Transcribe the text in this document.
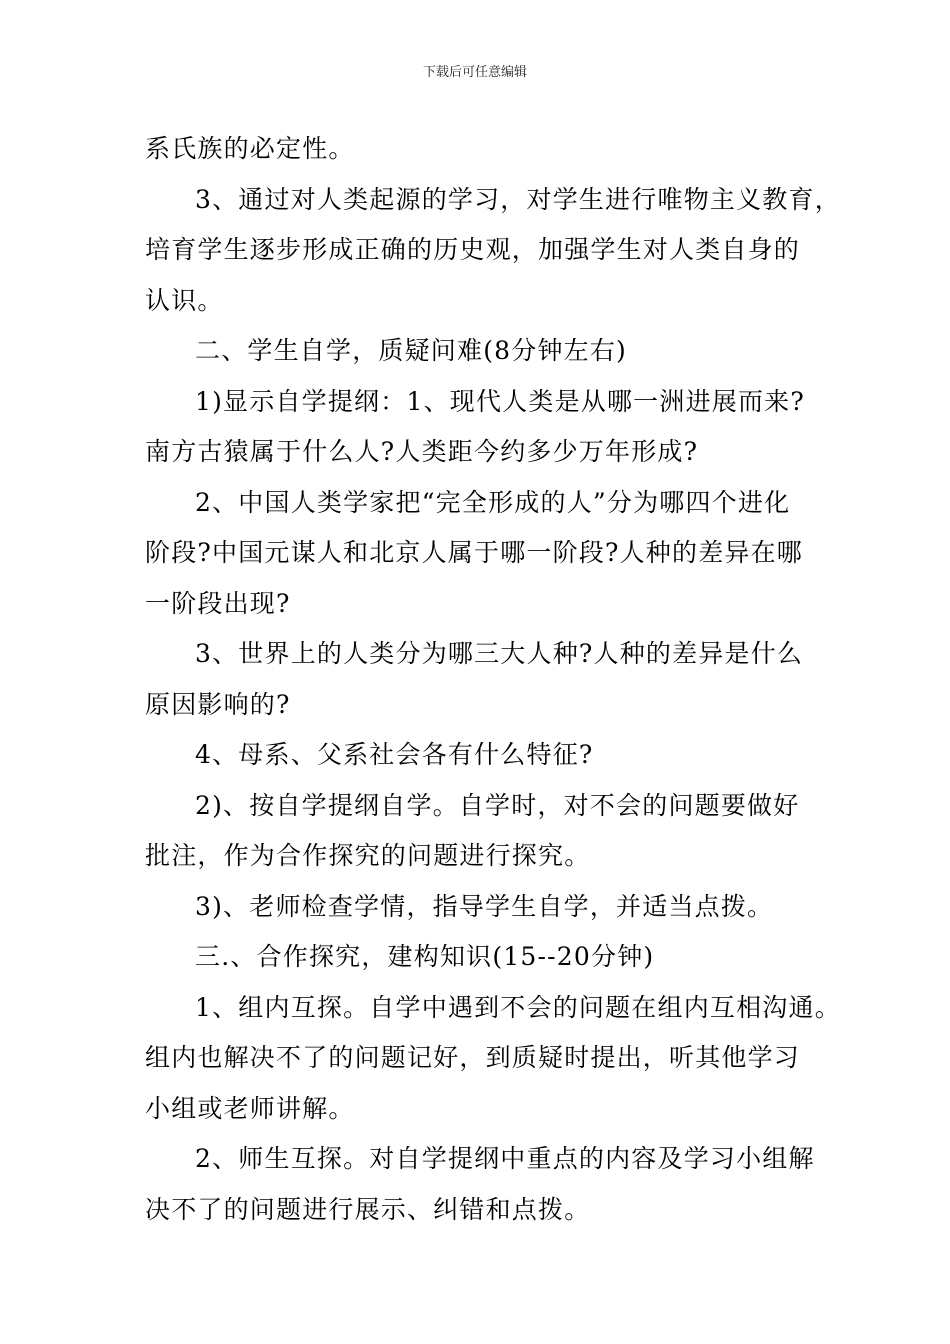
下载后可任意编辑

系氏族的必定性。

3、通过对人类起源的学习，对学生进行唯物主义教育，

培育学生逐步形成正确的历史观，加强学生对人类自身的

认识。

二、学生自学，质疑问难(8分钟左右)

1)显示自学提纲：1、现代人类是从哪一洲进展而来?

南方古猿属于什么人?人类距今约多少万年形成?

2、中国人类学家把“完全形成的人”分为哪四个进化

阶段?中国元谋人和北京人属于哪一阶段?人种的差异在哪

一阶段出现?

3、世界上的人类分为哪三大人种?人种的差异是什么

原因影响的?

4、母系、父系社会各有什么特征?

2)、按自学提纲自学。自学时，对不会的问题要做好

批注，作为合作探究的问题进行探究。

3)、老师检查学情，指导学生自学，并适当点拨。

三.、合作探究，建构知识(15--20分钟)

1、组内互探。自学中遇到不会的问题在组内互相沟通。

组内也解决不了的问题记好，到质疑时提出，听其他学习

小组或老师讲解。

2、师生互探。对自学提纲中重点的内容及学习小组解

决不了的问题进行展示、纠错和点拨。
